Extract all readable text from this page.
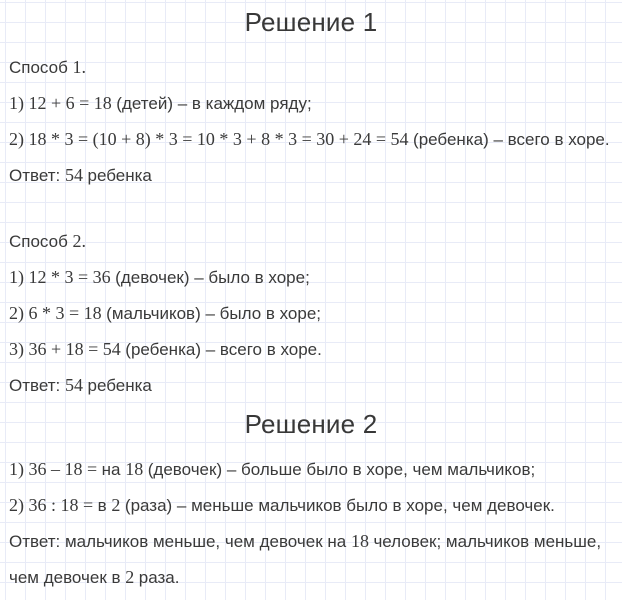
Решение 1

Способ 1.

1) 12 + 6 = 18 (детей) – в каждом ряду;

2) 18 * 3 = (10 + 8) * 3 = 10 * 3 + 8 * 3 = 30 + 24 = 54 (ребенка) – всего в хоре.

Ответ: 54 ребенка

Способ 2.

1) 12 * 3 = 36 (девочек) – было в хоре;

2) 6 * 3 = 18 (мальчиков) – было в хоре;

3) 36 + 18 = 54 (ребенка) – всего в хоре.

Ответ: 54 ребенка

Решение 2

1) 36 – 18 = на 18 (девочек) – больше было в хоре, чем мальчиков;

2) 36 : 18 = в 2 (раза) – меньше мальчиков было в хоре, чем девочек.

Ответ: мальчиков меньше, чем девочек на 18 человек; мальчиков меньше,

чем девочек в 2 раза.
